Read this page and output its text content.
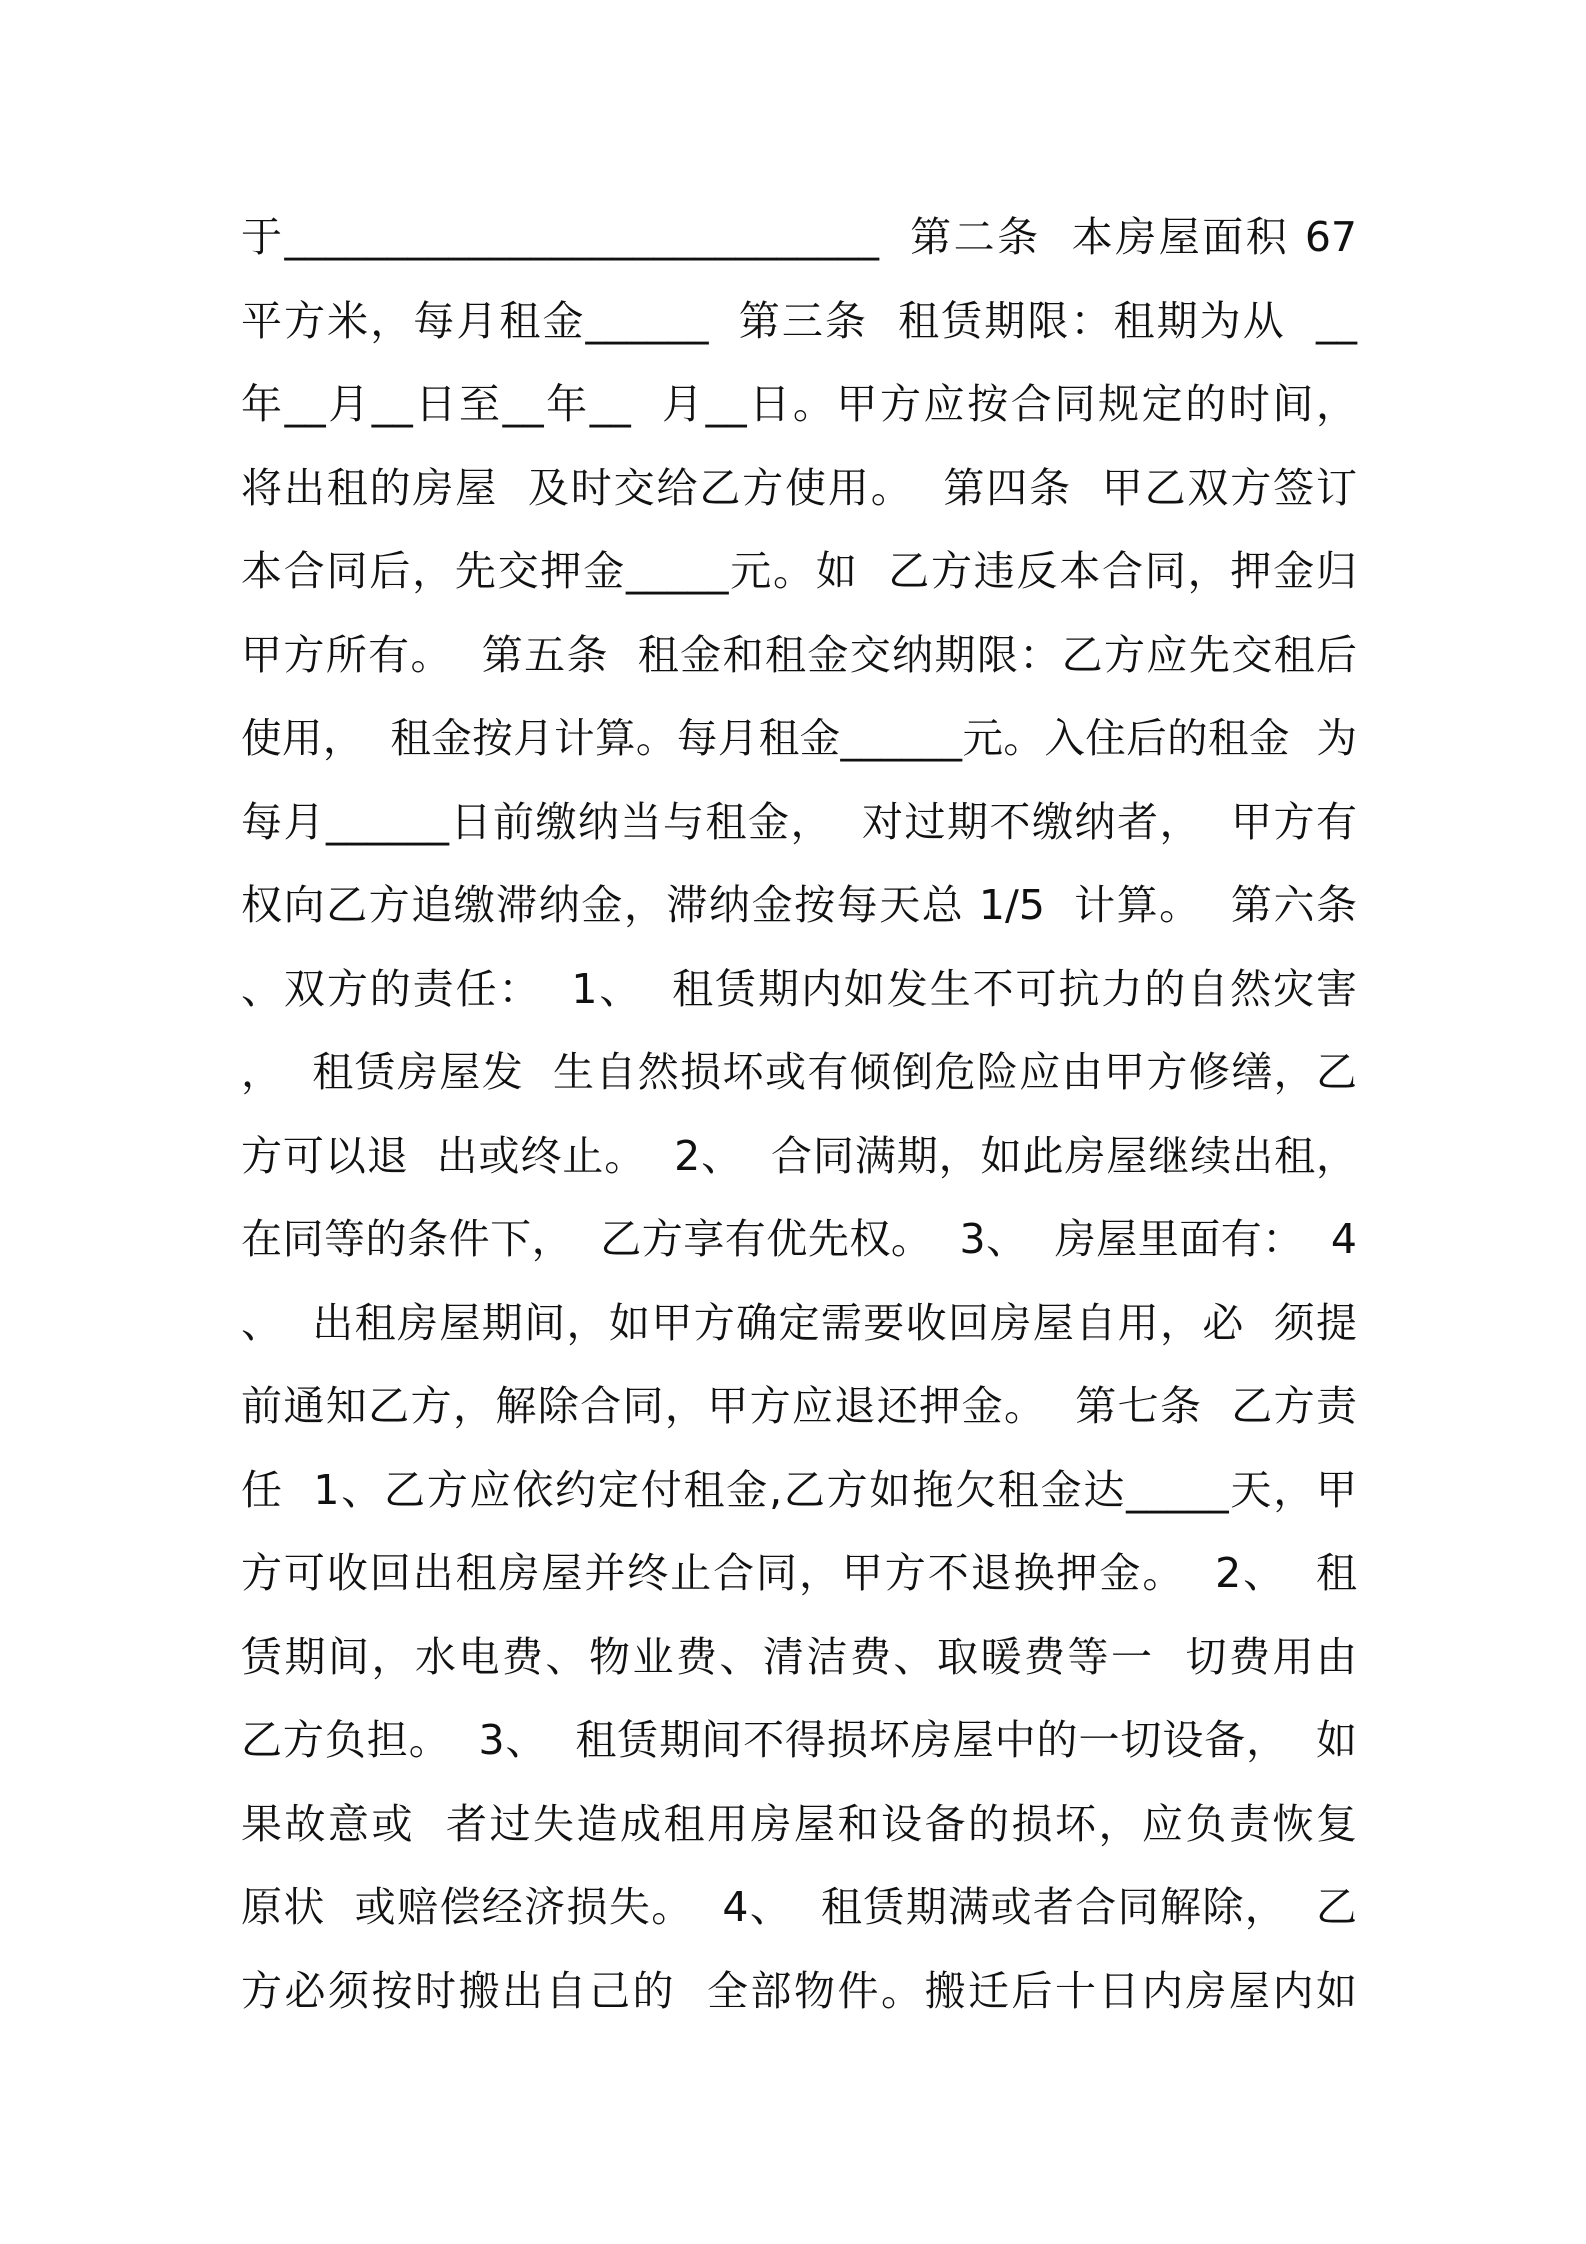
于_____________________________  第二条  本房屋面积 67
平方米，每月租金______  第三条  租赁期限：租期为从  __
年__月__日至__年__  月__日。甲方应按合同规定的时间，
将出租的房屋  及时交给乙方使用。  第四条  甲乙双方签订
本合同后，先交押金_____元。如  乙方违反本合同，押金归
甲方所有。  第五条  租金和租金交纳期限：乙方应先交租后
使用，  租金按月计算。每月租金______元。入住后的租金  为
每月______日前缴纳当与租金，  对过期不缴纳者，  甲方有
权向乙方追缴滞纳金，滞纳金按每天总 1/5  计算。  第六条
、双方的责任：  1、  租赁期内如发生不可抗力的自然灾害
，  租赁房屋发  生自然损坏或有倾倒危险应由甲方修缮，乙
方可以退  出或终止。  2、  合同满期，如此房屋继续出租，
在同等的条件下，  乙方享有优先权。  3、  房屋里面有：  4
、  出租房屋期间，如甲方确定需要收回房屋自用，必  须提
前通知乙方，解除合同，甲方应退还押金。  第七条  乙方责
任  1、乙方应依约定付租金,乙方如拖欠租金达_____天，甲
方可收回出租房屋并终止合同，甲方不退换押金。  2、  租
赁期间，水电费、物业费、清洁费、取暖费等一  切费用由
乙方负担。  3、  租赁期间不得损坏房屋中的一切设备，  如
果故意或  者过失造成租用房屋和设备的损坏，应负责恢复
原状  或赔偿经济损失。  4、  租赁期满或者合同解除，  乙
方必须按时搬出自己的  全部物件。搬迁后十日内房屋内如
